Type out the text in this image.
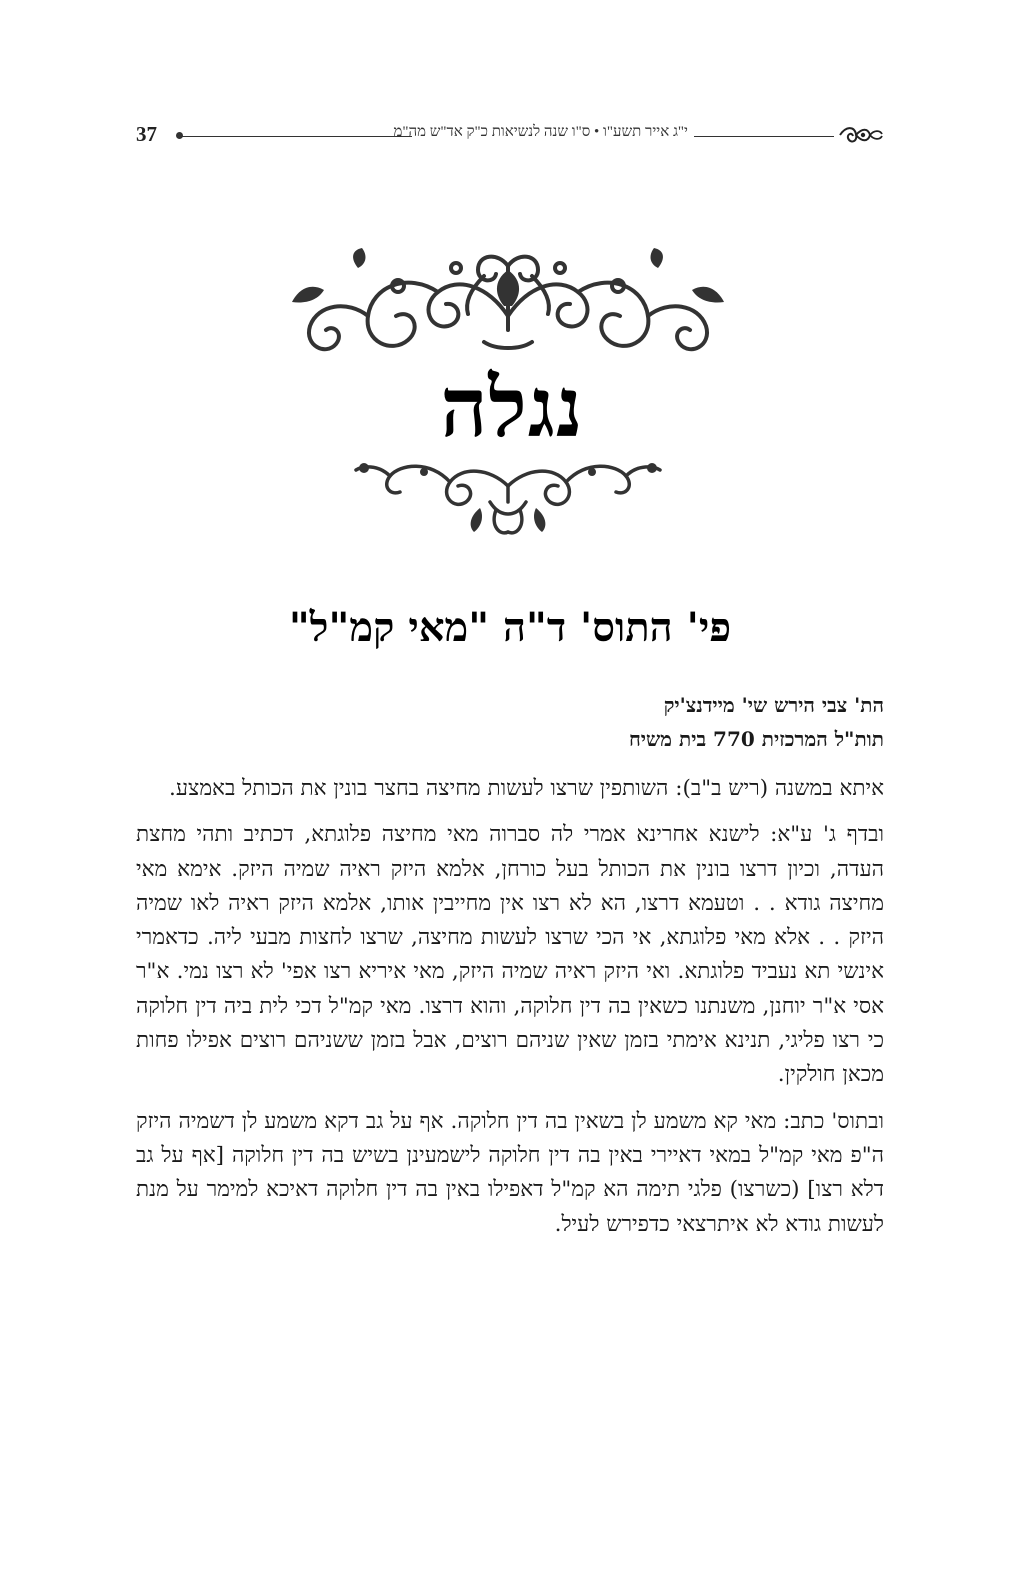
37	י"ג אייר תשע"ו • ס"ו שנה לנשיאות כ"ק אד"ש מה"מ
נגלה
פי' התוס' ד"ה "מאי קמ"ל"
הת' צבי הירש שי' מיידנצ'יק
תות"ל המרכזית 770 בית משיח

איתא במשנה (ריש ב"ב): השותפין שרצו לעשות מחיצה בחצר בונין את הכותל באמצע.

ובדף ג' ע"א: לישנא אחרינא אמרי לה סברוה מאי מחיצה פלוגתא, דכתיב ותהי מחצת העדה, וכיון דרצו בונין את הכותל בעל כורחן, אלמא היזק ראיה שמיה היזק. אימא מאי מחיצה גודא . . וטעמא דרצו, הא לא רצו אין מחייבין אותו, אלמא היזק ראיה לאו שמיה היזק . . אלא מאי פלוגתא, אי הכי שרצו לעשות מחיצה, שרצו לחצות מבעי ליה. כדאמרי אינשי תא נעביד פלוגתא. ואי היזק ראיה שמיה היזק, מאי איריא רצו אפי' לא רצו נמי. א"ר אסי א"ר יוחנן, משנתנו כשאין בה דין חלוקה, והוא דרצו. מאי קמ"ל דכי לית ביה דין חלוקה כי רצו פליגי, תנינא אימתי בזמן שאין שניהם רוצים, אבל בזמן ששניהם רוצים אפילו פחות מכאן חולקין.

ובתוס' כתב: מאי קא משמע לן בשאין בה דין חלוקה. אף על גב דקא משמע לן דשמיה היזק ה"פ מאי קמ"ל במאי דאיירי באין בה דין חלוקה לישמעינן בשיש בה דין חלוקה [אף על גב דלא רצו] (כשרצו) פלגי תימה הא קמ"ל דאפילו באין בה דין חלוקה דאיכא למימר על מנת לעשות גודא לא איתרצאי כדפירש לעיל.
